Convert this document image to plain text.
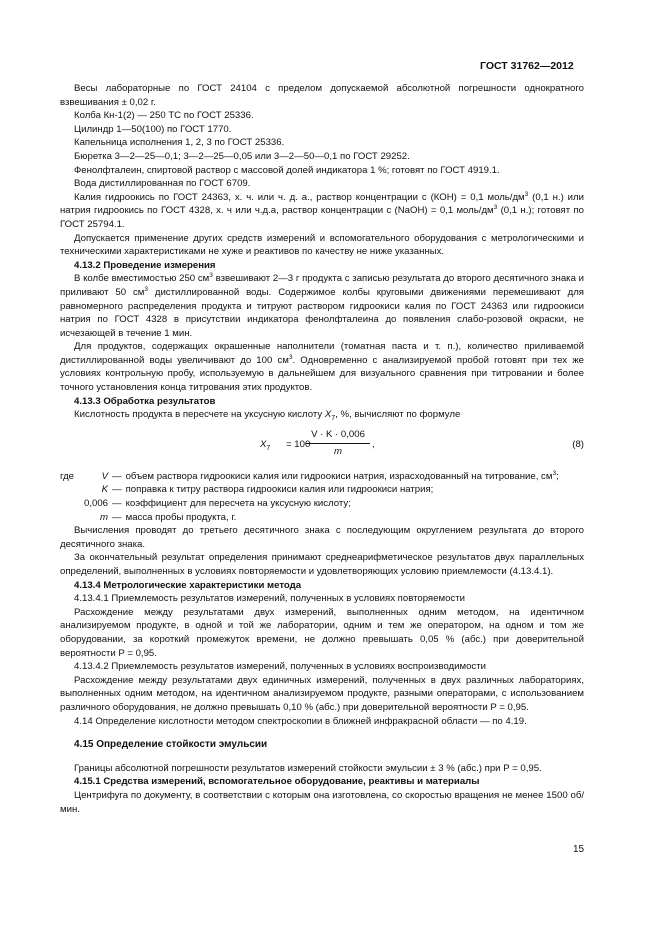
ГОСТ 31762—2012

Весы лабораторные по ГОСТ 24104 с пределом допускаемой абсолютной погрешности однократного взвешивания ± 0,02 г.

Колба Кн-1(2) — 250 ТС по ГОСТ 25336.

Цилиндр 1—50(100) по ГОСТ 1770.

Капельница исполнения 1, 2, 3 по ГОСТ 25336.

Бюретка 3—2—25—0,1; 3—2—25—0,05 или 3—2—50—0,1 по ГОСТ 29252.

Фенолфталеин, спиртовой раствор с массовой долей индикатора 1 %; готовят по ГОСТ 4919.1.

Вода дистиллированная по ГОСТ 6709.

Калия гидроокись по ГОСТ 24363, х. ч. или ч. д. а., раствор концентрации с (КОН) = 0,1 моль/$дм^3$ (0,1 н.) или натрия гидроокись по ГОСТ 4328, х. ч или ч.д.а, раствор концентрации с (NaOH) = 0,1 моль/$дм^3$ (0,1 н.); готовят по ГОСТ 25794.1.

Допускается применение других средств измерений и вспомогательного оборудования с метрологическими и техническими характеристиками не хуже и реактивов по качеству не ниже указанных.

4.13.2 Проведение измерения

В колбе вместимостью 250 $см^3$ взвешивают 2—3 г продукта с записью результата до второго десятичного знака и приливают 50 $см^3$ дистиллированной воды. Содержимое колбы круговыми движениями перемешивают для равномерного распределения продукта и титруют раствором гидроокиси калия по ГОСТ 24363 или гидроокиси натрия по ГОСТ 4328 в присутствии индикатора фенолфталеина до появления слабо-розовой окраски, не исчезающей в течение 1 мин.

Для продуктов, содержащих окрашенные наполнители (томатная паста и т. п.), количество приливаемой дистиллированной воды увеличивают до 100 $см^3$. Одновременно с анализируемой пробой готовят при тех же условиях контрольную пробу, используемую в дальнейшем для визуального сравнения при титровании и более точного установления конца титрования этих продуктов.

4.13.3 Обработка результатов

Кислотность продукта в пересчете на уксусную кислоту $X_7$, %, вычисляют по формуле

$X_7 = 100$
V · K · 0,006
m
,	(8)
где	V — объем раствора гидроокиси калия или гидроокиси натрия, израсходованный на титрование, $см^3$;
K — поправка к титру раствора гидроокиси калия или гидроокиси натрия;
0,006 — коэффициент для пересчета на уксусную кислоту;
m — масса пробы продукта, г.

Вычисления проводят до третьего десятичного знака с последующим округлением результата до второго десятичного знака.

За окончательный результат определения принимают среднеарифметическое результатов двух параллельных определений, выполненных в условиях повторяемости и удовлетворяющих условию приемлемости (4.13.4.1).

4.13.4 Метрологические характеристики метода

4.13.4.1 Приемлемость результатов измерений, полученных в условиях повторяемости

Расхождение между результатами двух измерений, выполненных одним методом, на идентичном анализируемом продукте, в одной и той же лаборатории, одним и тем же оператором, на одном и том же оборудовании, за короткий промежуток времени, не должно превышать 0,05 % (абс.) при доверительной вероятности P = 0,95.

4.13.4.2 Приемлемость результатов измерений, полученных в условиях воспроизводимости

Расхождение между результатами двух единичных измерений, полученных в двух различных лабораториях, выполненных одним методом, на идентичном анализируемом продукте, разными операторами, с использованием различного оборудования, не должно превышать 0,10 % (абс.) при доверительной вероятности P = 0,95.

4.14 Определение кислотности методом спектроскопии в ближней инфракрасной области — по 4.19.

4.15 Определение стойкости эмульсии

Границы абсолютной погрешности результатов измерений стойкости эмульсии ± 3 % (абс.) при P = 0,95.

4.15.1 Средства измерений, вспомогательное оборудование, реактивы и материалы

Центрифуга по документу, в соответствии с которым она изготовлена, со скоростью вращения не менее 1500 об/мин.

15
